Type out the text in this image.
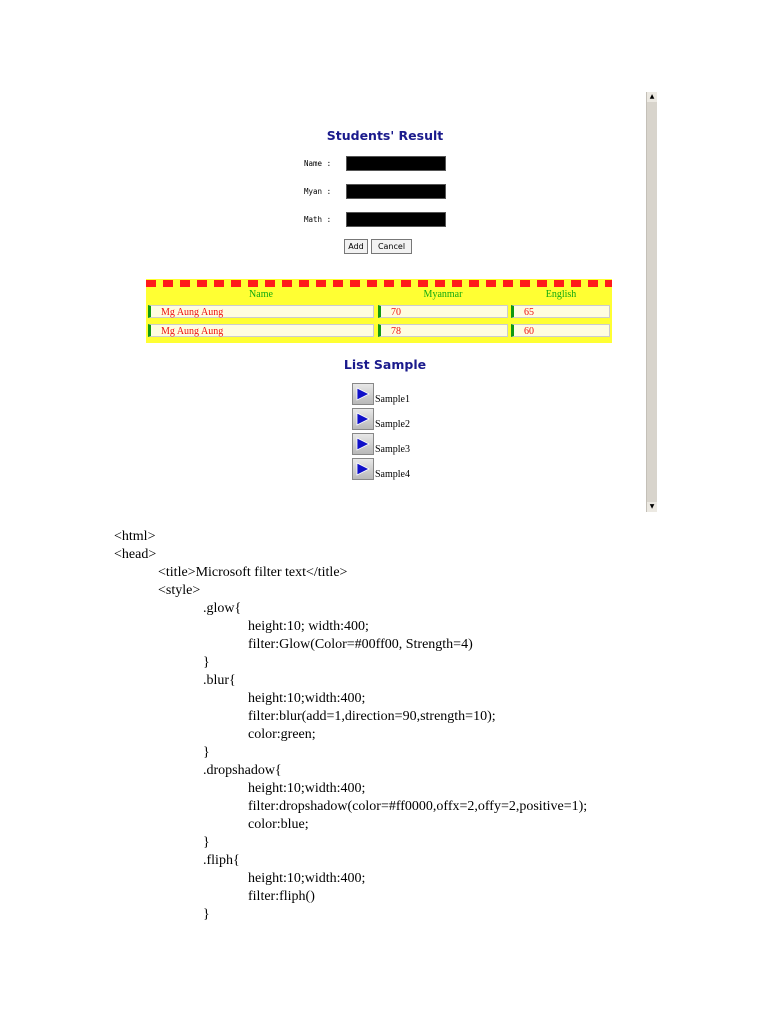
Students' Result
Name :
Myan :
Math :
Add	Cancel
Name	Myanmar	English
Mg Aung Aung	70	65
Mg Aung Aung	78	60
List Sample
Sample1
Sample2
Sample3
Sample4
▲
▼

<html>

<head>

<title>Microsoft filter text</title>

<style>

.glow{

height:10; width:400;

filter:Glow(Color=#00ff00, Strength=4)

}

.blur{

height:10;width:400;

filter:blur(add=1,direction=90,strength=10);

color:green;

}

.dropshadow{

height:10;width:400;

filter:dropshadow(color=#ff0000,offx=2,offy=2,positive=1);

color:blue;

}

.fliph{

height:10;width:400;

filter:fliph()

}
